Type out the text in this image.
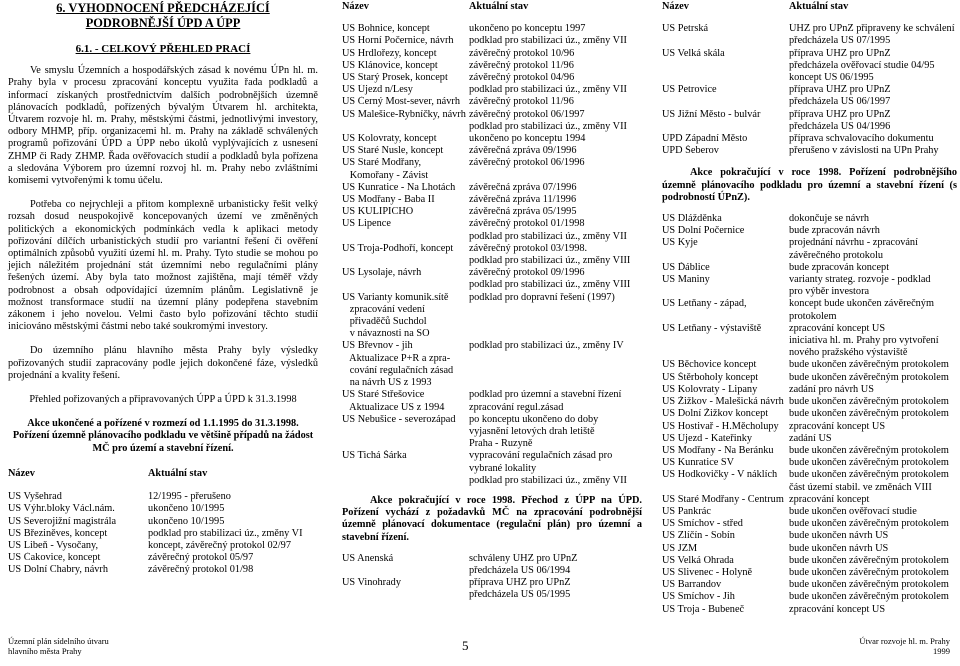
6. VYHODNOCENÍ PŘEDCHÁZEJÍCÍ
PODROBNĚJŠÍ ÚPD A ÚPP
6.1. - CELKOVÝ PŘEHLED PRACÍ

Ve smyslu Územních a hospodářských zásad k novému ÚPn hl. m. Prahy byla v procesu zpracování konceptu využita řada podkladů a informací získaných prostřednictvím dalších podrobnějších územně plánovacích podkladů, pořízených bývalým Útvarem hl. architekta, Útvarem rozvoje hl. m. Prahy, městskými částmi, jednotlivými investory, odbory MHMP, příp. organizacemi hl. m. Prahy na základě schválených programů pořizování ÚPD a ÚPP nebo úkolů vyplývajících z usnesení ZHMP či Rady ZHMP. Řada ověřovacích studií a podkladů byla pořízena a sledována Výborem pro územní rozvoj hl. m. Prahy nebo zvláštními komisemi vytvořenými k tomu účelu.

Potřeba co nejrychleji a přitom komplexně urbanisticky řešit velký rozsah dosud neuspokojivě koncepovaných území ve změněných politických a ekonomických podmínkách vedla k aplikaci metody pořizování dílčích urbanistických studií pro variantní řešení či ověření optimálních způsobů využití území hl. m. Prahy. Tyto studie se mohou po jejich náležitém projednání stát územními nebo regulačními plány řešených území. Aby byla tato možnost zajištěna, mají téměř vždy podrobnost a obsah odpovídající územním plánům. Legislativně je možnost transformace studií na územní plány podepřena stavebním zákonem i jeho novelou. Velmi často bylo pořizování těchto studií iniciováno městskými částmi nebo také soukromými investory.

Do územního plánu hlavního města Prahy byly výsledky pořizovaných studií zapracovány podle jejich dokončené fáze, výsledků projednání a kvality řešení.

Přehled pořizovaných a připravovaných ÚPP a ÚPD k 31.3.1998

Akce ukončené a pořízené v rozmezí od 1.1.1995 do 31.3.1998. Pořízení územně plánovacího podkladu ve většině případů na žádost MČ pro území a stavební řízení.

Název	Aktuální stav
US Vyšehrad	12/1995 - přerušeno
US Výhr.bloky Václ.nám.	ukončeno 10/1995
US Severojižní magistrála	ukončeno 10/1995
US Březiněves, koncept	podklad pro stabilizaci úz., změny VI
US Libeň - Vysočany,	koncept, závěrečný protokol 02/97
US Čakovice, koncept	závěrečný protokol 05/97
US Dolní Chabry, návrh	závěrečný protokol 01/98
Název	Aktuální stav
US Bohnice, koncept	ukončeno po konceptu 1997
US Horní Počernice, návrh	podklad pro stabilizaci úz., změny VII
US Hrdlořezy, koncept	závěrečný protokol 10/96
US Klánovice, koncept	závěrečný protokol 11/96
US Starý Prosek, koncept	závěrečný protokol 04/96
US Újezd n/Lesy	podklad pro stabilizaci úz., změny VII
US Černý Most-sever, návrh	závěrečný protokol 11/96
US Malešice-Rybníčky, návrh	závěrečný protokol 06/1997
	podklad pro stabilizaci úz., změny VII
US Kolovraty, koncept	ukončeno po konceptu 1994
US Staré Nusle, koncept	závěrečná zpráva 09/1996
US Staré Modřany,	závěrečný protokol 06/1996
Komořany - Závist	
US Kunratice - Na Lhotách	závěrečná zpráva 07/1996
US Modřany - Baba II	závěrečná zpráva 11/1996
US KULIPICHO	závěrečná zpráva 05/1995
US Lipence	závěrečný protokol 01/1998
	podklad pro stabilizaci úz., změny VII
US Troja-Podhoří, koncept	závěrečný protokol 03/1998.
	podklad pro stabilizaci úz., změny VIII
US Lysolaje, návrh	závěrečný protokol 09/1996
	podklad pro stabilizaci úz., změny VIII
US Varianty komunik.sítě	podklad pro dopravní řešení (1997)
zpracování vedení	
přivaděčů Suchdol	
v návaznosti na SO	
US Břevnov - jih	podklad pro stabilizaci úz., změny IV
Aktualizace P+R a zpra-	
cování regulačních zásad	
na návrh US z 1993	
US Staré Střešovice	podklad pro územní a stavební řízení
Aktualizace US z 1994	zpracování regul.zásad
US Nebušice - severozápad	po konceptu ukončeno do doby
	vyjasnění letových drah letiště
	Praha - Ruzyně
US Tichá Šárka	vypracování regulačních zásad pro
	vybrané lokality
	podklad pro stabilizaci úz., změny VII

Akce pokračující v roce 1998. Přechod z ÚPP na ÚPD. Pořízení vychází z požadavků MČ na zpracování podrobnější územně plánovací dokumentace (regulační plán) pro územní a stavební řízení.

US Anenská	schváleny ÚHZ pro ÚPnZ
	předcházela US 06/1994
US Vinohrady	příprava ÚHZ pro ÚPnZ
	předcházela US 05/1995
Název	Aktuální stav
US Petrská	ÚHZ pro ÚPnZ připraveny ke schválení
	předcházela US 07/1995
US Velká skála	příprava ÚHZ pro ÚPnZ
	předcházela ověřovací studie 04/95
	koncept US 06/1995
US Petrovice	příprava ÚHZ pro ÚPnZ
	předcházela US 06/1997
US Jižní Město - bulvár	příprava ÚHZ pro ÚPnZ
	předcházela US 04/1996
ÚPD Západní Město	příprava schvalovacího dokumentu
ÚPD Šeberov	přerušeno v závislosti na ÚPn Prahy

Akce pokračující v roce 1998. Pořízení podrobnějšího územně plánovacího podkladu pro územní a stavební řízení (s podrobností ÚPnZ).

US Dlážděnka	dokončuje se návrh
US Dolní Počernice	bude zpracován návrh
US Kyje	projednání návrhu - zpracování
	závěrečného protokolu
US Ďáblice	bude zpracován koncept
US Maniny	varianty strateg. rozvoje - podklad
	pro výběr investora
US Letňany - západ,	koncept bude ukončen závěrečným
	protokolem
US Letňany - výstaviště	zpracování koncept US
	iniciativa hl. m. Prahy pro vytvoření
	nového pražského výstaviště
US Běchovice koncept	bude ukončen závěrečným protokolem
US Štěrboholy koncept	bude ukončen závěrečným protokolem
US Kolovraty - Lipany	zadání pro návrh US
US Žižkov - Malešická návrh	bude ukončen závěrečným protokolem
US Dolní Žižkov koncept	bude ukončen závěrečným protokolem
US Hostivař - H.Měcholupy	zpracování koncept US
US Újezd - Kateřinky	zadání US
US Modřany - Na Beránku	bude ukončen závěrečným protokolem
US Kunratice SV	bude ukončen závěrečným protokolem
US Hodkovičky - V náklích	bude ukončen závěrečným protokolem
	část území stabil. ve změnách VIII
US Staré Modřany - Centrum	zpracování koncept
US Pankrác	bude ukončen ověřovací studie
US Smíchov - střed	bude ukončen závěrečným protokolem
US Zlíčín - Sobín	bude ukončen návrh US
US JZM	bude ukončen návrh US
US Velká Ohrada	bude ukončen závěrečným protokolem
US Slivenec - Holyně	bude ukončen závěrečným protokolem
US Barrandov	bude ukončen závěrečným protokolem
US Smíchov - Jih	bude ukončen závěrečným protokolem
US Troja - Bubeneč	zpracování koncept US
Územní plán sídelního útvaru
hlavního města Prahy	5	Útvar rozvoje hl. m. Prahy
1999
